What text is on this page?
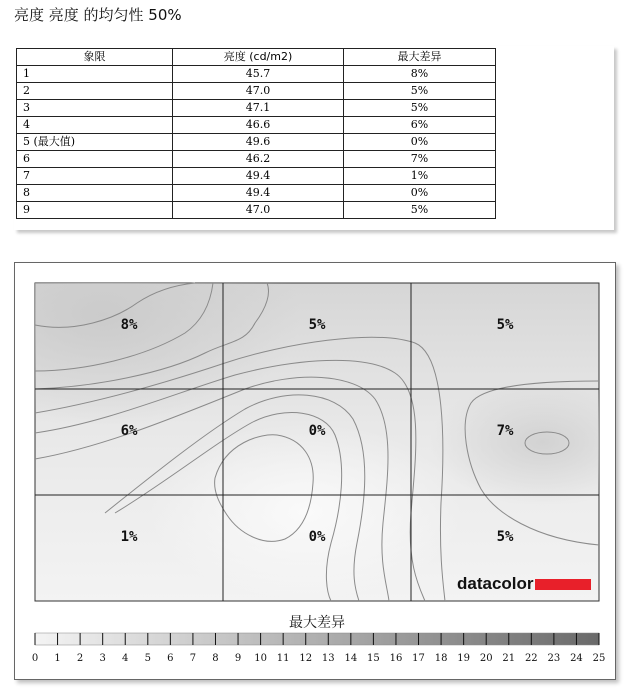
亮度 亮度 的均匀性 50%
象限	亮度 (cd/m2)	最大差异
1	45.7	8%
2	47.0	5%
3	47.1	5%
4	46.6	6%
5 (最大值)	49.6	0%
6	46.2	7%
7	49.4	1%
8	49.4	0%
9	47.0	5%
8%	5%	5%
6%	0%	7%
1%	0%	5%
datacolor
最大差异
0 1 2 3 4 5 6 7 8 9 10 11 12 13 14 15 16 17 18 19 20 21 22 23 24 25
